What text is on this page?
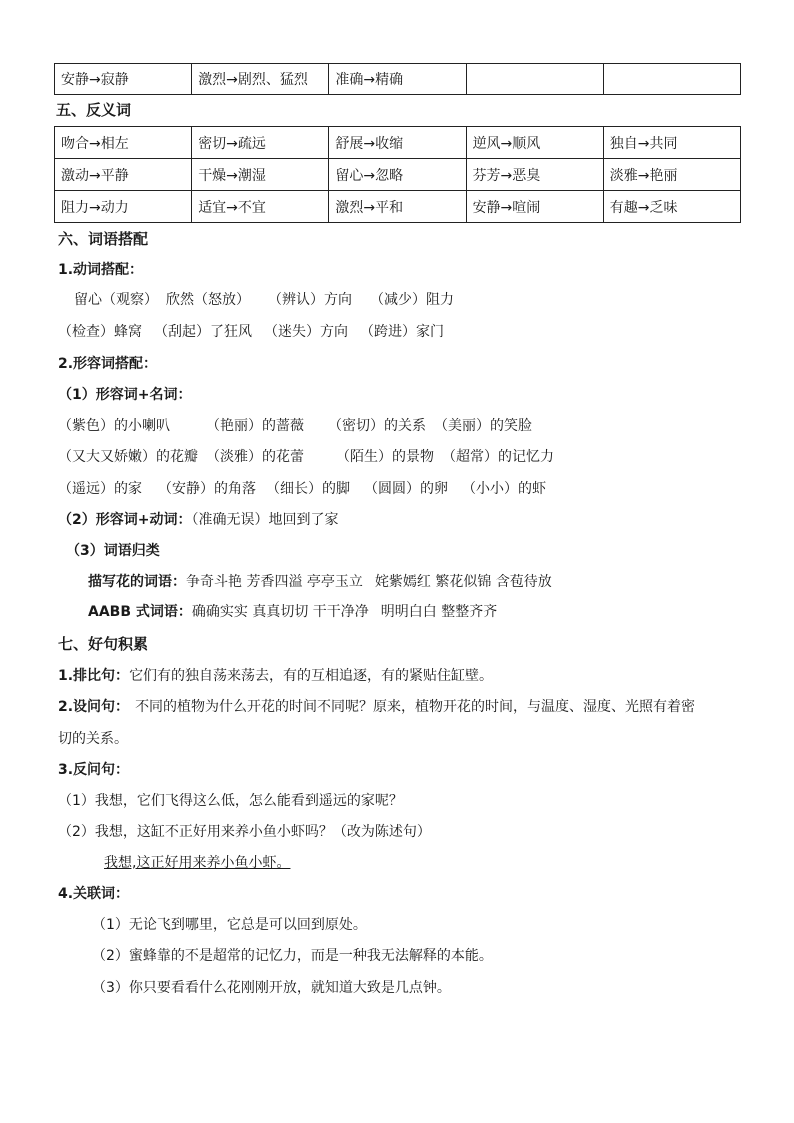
安静→寂静	激烈→剧烈、猛烈	准确→精确		
五、反义词
吻合→相左	密切→疏远	舒展→收缩	逆风→顺风	独自→共同
激动→平静	干燥→潮湿	留心→忽略	芬芳→恶臭	淡雅→艳丽
阻力→动力	适宜→不宜	激烈→平和	安静→喧闹	有趣→乏味
六、词语搭配
1.动词搭配：
留心（观察） 欣然（怒放） （辨认）方向 （减少）阻力
（检查）蜂窝 （刮起）了狂风 （迷失）方向 （跨进）家门
2.形容词搭配：
（1）形容词+名词：
（紫色）的小喇叭	（艳丽）的蔷薇 （密切）的关系 （美丽）的笑脸
（又大又娇嫩）的花瓣 （淡雅）的花蕾 （陌生）的景物 （超常）的记忆力
（遥远）的家 （安静）的角落 （细长）的脚 （圆圆）的卵 （小小）的虾
（2）形容词+动词：（准确无误）地回到了家
（3）词语归类
描写花的词语：争奇斗艳 芳香四溢 亭亭玉立 姹紫嫣红 繁花似锦 含苞待放
AABB 式词语：确确实实 真真切切 干干净净 明明白白 整整齐齐
七、好句积累
1.排比句：它们有的独自荡来荡去，有的互相追逐，有的紧贴住缸壁。
2.设问句： 不同的植物为什么开花的时间不同呢？原来，植物开花的时间，与温度、湿度、光照有着密
切的关系。
3.反问句：
（1）我想，它们飞得这么低，怎么能看到遥远的家呢？
（2）我想，这缸不正好用来养小鱼小虾吗？（改为陈述句）
我想,这正好用来养小鱼小虾。
4.关联词：
（1）无论飞到哪里，它总是可以回到原处。
（2）蜜蜂靠的不是超常的记忆力，而是一种我无法解释的本能。
（3）你只要看看什么花刚刚开放，就知道大致是几点钟。
